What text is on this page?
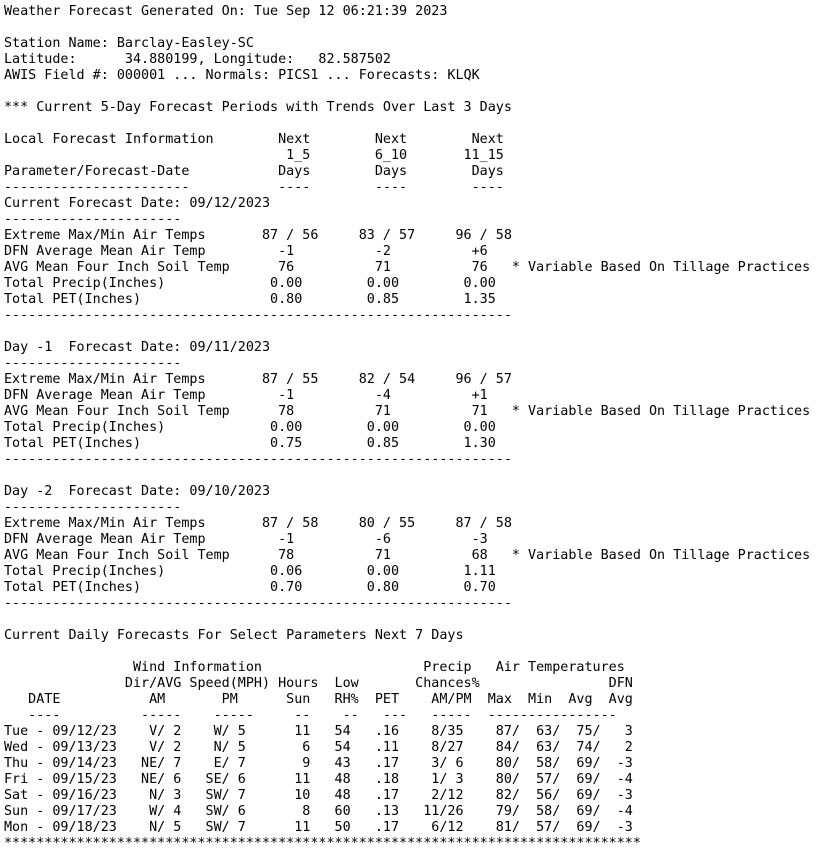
Weather Forecast Generated On: Tue Sep 12 06:21:39 2023
Station Name: Barclay-Easley-SC
Latitude:      34.880199, Longitude:   82.587502
AWIS Field #: 000001 ... Normals: PICS1 ... Forecasts: KLQK
*** Current 5-Day Forecast Periods with Trends Over Last 3 Days
Local Forecast Information        Next        Next        Next
1_5        6_10       11_15
Parameter/Forecast-Date           Days        Days        Days
-----------------------           ----        ----        ----
Current Forecast Date: 09/12/2023
----------------------
Extreme Max/Min Air Temps       87 / 56     83 / 57     96 / 58
DFN Average Mean Air Temp         -1          -2          +6
AVG Mean Four Inch Soil Temp      76          71          76   * Variable Based On Tillage Practices
Total Precip(Inches)             0.00        0.00        0.00
Total PET(Inches)                0.80        0.85        1.35
---------------------------------------------------------------
Day -1  Forecast Date: 09/11/2023
----------------------
Extreme Max/Min Air Temps       87 / 55     82 / 54     96 / 57
DFN Average Mean Air Temp         -1          -4          +1
AVG Mean Four Inch Soil Temp      78          71          71   * Variable Based On Tillage Practices
Total Precip(Inches)             0.00        0.00        0.00
Total PET(Inches)                0.75        0.85        1.30
---------------------------------------------------------------
Day -2  Forecast Date: 09/10/2023
----------------------
Extreme Max/Min Air Temps       87 / 58     80 / 55     87 / 58
DFN Average Mean Air Temp         -1          -6          -3
AVG Mean Four Inch Soil Temp      78          71          68   * Variable Based On Tillage Practices
Total Precip(Inches)             0.06        0.00        1.11
Total PET(Inches)                0.70        0.80        0.70
---------------------------------------------------------------
Current Daily Forecasts For Select Parameters Next 7 Days
Wind Information                    Precip   Air Temperatures
Dir/AVG Speed(MPH) Hours  Low       Chances%                DFN
DATE           AM       PM      Sun   RH%  PET    AM/PM  Max  Min  Avg  Avg
----          -----    -----     --    --   ---   -----  ----------------
Tue - 09/12/23    V/ 2    W/ 5      11   54   .16    8/35    87/  63/  75/   3
Wed - 09/13/23    V/ 2    N/ 5       6   54   .11    8/27    84/  63/  74/   2
Thu - 09/14/23   NE/ 7    E/ 7       9   43   .17    3/ 6    80/  58/  69/  -3
Fri - 09/15/23   NE/ 6   SE/ 6      11   48   .18    1/ 3    80/  57/  69/  -4
Sat - 09/16/23    N/ 3   SW/ 7      10   48   .17    2/12    82/  56/  69/  -3
Sun - 09/17/23    W/ 4   SW/ 6       8   60   .13   11/26    79/  58/  69/  -4
Mon - 09/18/23    N/ 5   SW/ 7      11   50   .17    6/12    81/  57/  69/  -3
*******************************************************************************
